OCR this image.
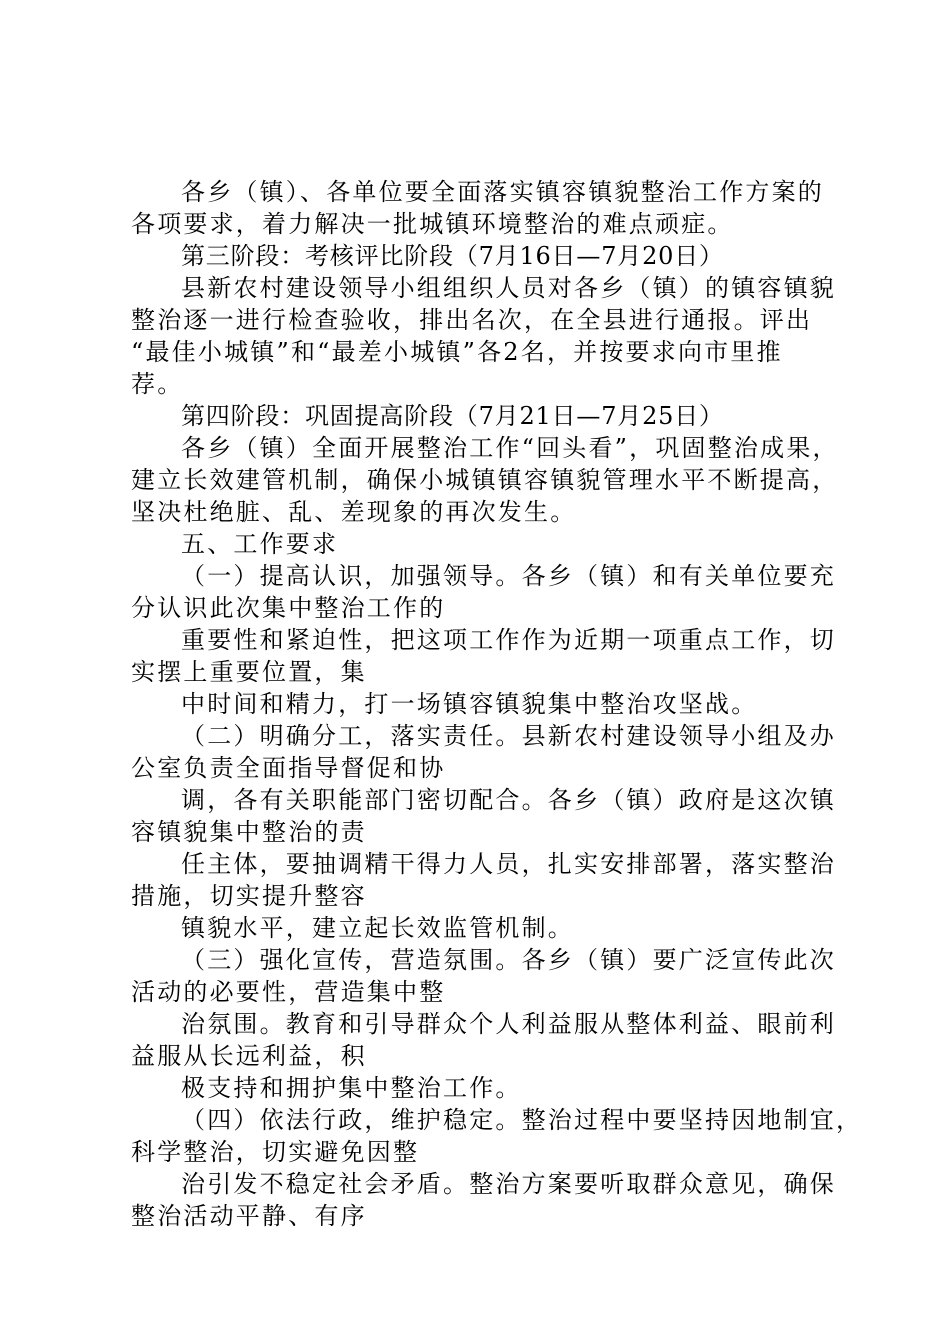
各乡（镇）、各单位要全面落实镇容镇貌整治工作方案的
各项要求，着力解决一批城镇环境整治的难点顽症。
第三阶段：考核评比阶段（7月16日—7月20日）
县新农村建设领导小组组织人员对各乡（镇）的镇容镇貌
整治逐一进行检查验收，排出名次，在全县进行通报。评出
“最佳小城镇”和“最差小城镇”各2名，并按要求向市里推
荐。
第四阶段：巩固提高阶段（7月21日—7月25日）
各乡（镇）全面开展整治工作“回头看”，巩固整治成果，
建立长效建管机制，确保小城镇镇容镇貌管理水平不断提高，
坚决杜绝脏、乱、差现象的再次发生。
五、工作要求
（一）提高认识，加强领导。各乡（镇）和有关单位要充
分认识此次集中整治工作的
重要性和紧迫性，把这项工作作为近期一项重点工作，切
实摆上重要位置，集
中时间和精力，打一场镇容镇貌集中整治攻坚战。
（二）明确分工，落实责任。县新农村建设领导小组及办
公室负责全面指导督促和协
调，各有关职能部门密切配合。各乡（镇）政府是这次镇
容镇貌集中整治的责
任主体，要抽调精干得力人员，扎实安排部署，落实整治
措施，切实提升整容
镇貌水平，建立起长效监管机制。
（三）强化宣传，营造氛围。各乡（镇）要广泛宣传此次
活动的必要性，营造集中整
治氛围。教育和引导群众个人利益服从整体利益、眼前利
益服从长远利益，积
极支持和拥护集中整治工作。
（四）依法行政，维护稳定。整治过程中要坚持因地制宜，
科学整治，切实避免因整
治引发不稳定社会矛盾。整治方案要听取群众意见，确保
整治活动平静、有序
